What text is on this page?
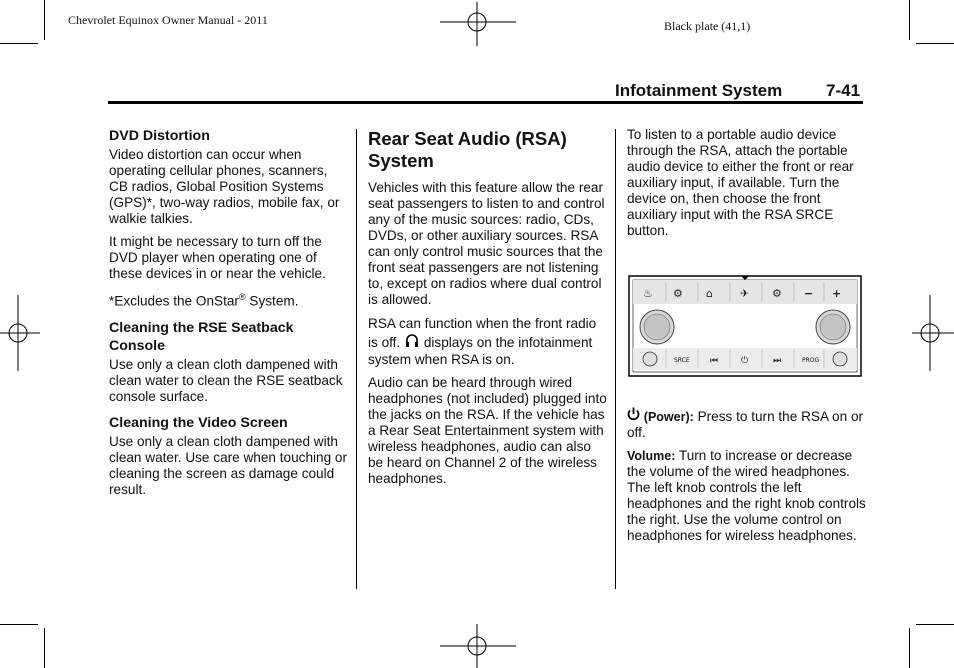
Chevrolet Equinox Owner Manual - 2011	Black plate (41,1)
Infotainment System	7-41
DVD Distortion

Video distortion can occur when operating cellular phones, scanners, CB radios, Global Position Systems (GPS)*, two-way radios, mobile fax, or walkie talkies.

It might be necessary to turn off the DVD player when operating one of these devices in or near the vehicle.

*Excludes the OnStar® System.

Cleaning the RSE Seatback Console

Use only a clean cloth dampened with clean water to clean the RSE seatback console surface.

Cleaning the Video Screen

Use only a clean cloth dampened with clean water. Use care when touching or cleaning the screen as damage could result.

Rear Seat Audio (RSA) System

Vehicles with this feature allow the rear seat passengers to listen to and control any of the music sources: radio, CDs, DVDs, or other auxiliary sources. RSA can only control music sources that the front seat passengers are not listening to, except on radios where dual control is allowed.

RSA can function when the front radio is off. displays on the infotainment system when RSA is on.

Audio can be heard through wired headphones (not included) plugged into the jacks on the RSA. If the vehicle has a Rear Seat Entertainment system with wireless headphones, audio can also be heard on Channel 2 of the wireless headphones.

To listen to a portable audio device through the RSA, attach the portable audio device to either the front or rear auxiliary input, if available. Turn the device on, then choose the front auxiliary input with the RSA SRCE button.

♨ ⚙ ⌂ ✈ ⚙ − +
SRCE	PROG
⏮	⏻	⏭

(Power): Press to turn the RSA on or off.

Volume: Turn to increase or decrease the volume of the wired headphones. The left knob controls the left headphones and the right knob controls the right. Use the volume control on headphones for wireless headphones.
